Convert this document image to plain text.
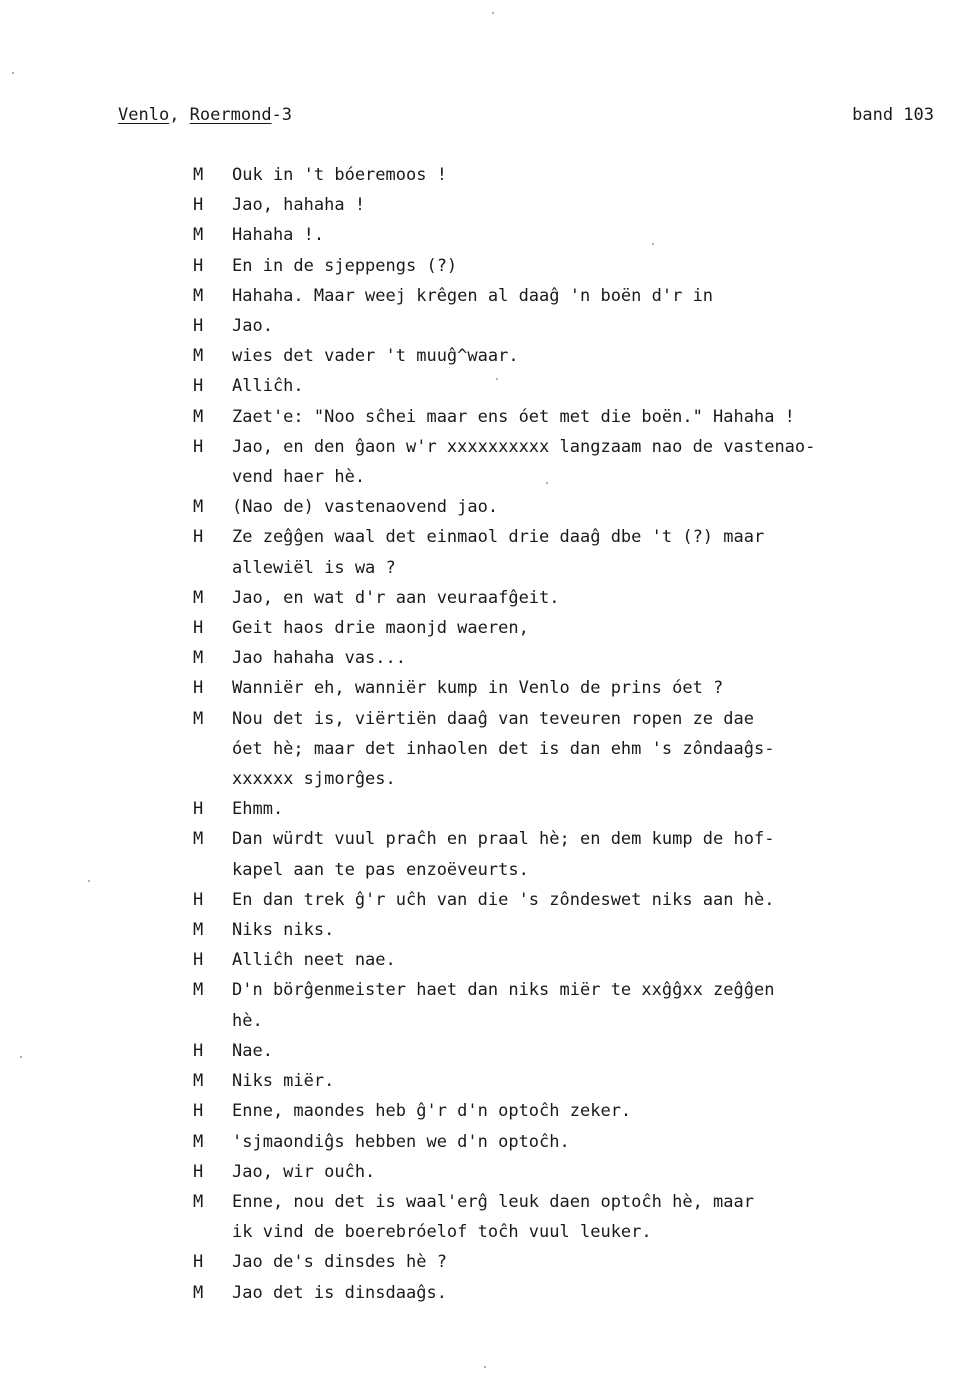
Venlo, Roermond-3	band 103
M	Ouk in 't bóeremoos !
H	Jao, hahaha !
M	Hahaha !.
H	En in de sjeppengs (?)
M	Hahaha. Maar weej krêgen al daaĝ 'n boën d'r in
H	Jao.
M	wies det vader 't muuĝ^waar.
H	Alliĉh.
M	Zaet'e: "Noo sĉhei maar ens óet met die boën." Hahaha !
H	Jao, en den ĝaon w'r xxxxxxxxxx langzaam nao de vastenao-
vend haer hè.
M	(Nao de) vastenaovend jao.
H	Ze zeĝĝen waal det einmaol drie daaĝ dbe 't (?) maar
allewiël is wa ?
M	Jao, en wat d'r aan veuraafĝeit.
H	Geit haos drie maonjd waeren,
M	Jao hahaha vas...
H	Wanniër eh, wanniër kump in Venlo de prins óet ?
M	Nou det is, viërtiën daaĝ van teveuren ropen ze dae
óet hè; maar det inhaolen det is dan ehm 's zôndaaĝs-
xxxxxx sjmorĝes.
H	Ehmm.
M	Dan würdt vuul praĉh en praal hè; en dem kump de hof-
kapel aan te pas enzoëveurts.
H	En dan trek ĝ'r uĉh van die 's zôndeswet niks aan hè.
M	Niks niks.
H	Alliĉh neet nae.
M	D'n börĝenmeister haet dan niks miër te xxĝĝxx zeĝĝen
hè.
H	Nae.
M	Niks miër.
H	Enne, maondes heb ĝ'r d'n optoĉh zeker.
M	'sjmaondiĝs hebben we d'n optoĉh.
H	Jao, wir ouĉh.
M	Enne, nou det is waal'erĝ leuk daen optoĉh hè, maar
ik vind de boerebróelof toĉh vuul leuker.
H	Jao de's dinsdes hè ?
M	Jao det is dinsdaaĝs.
